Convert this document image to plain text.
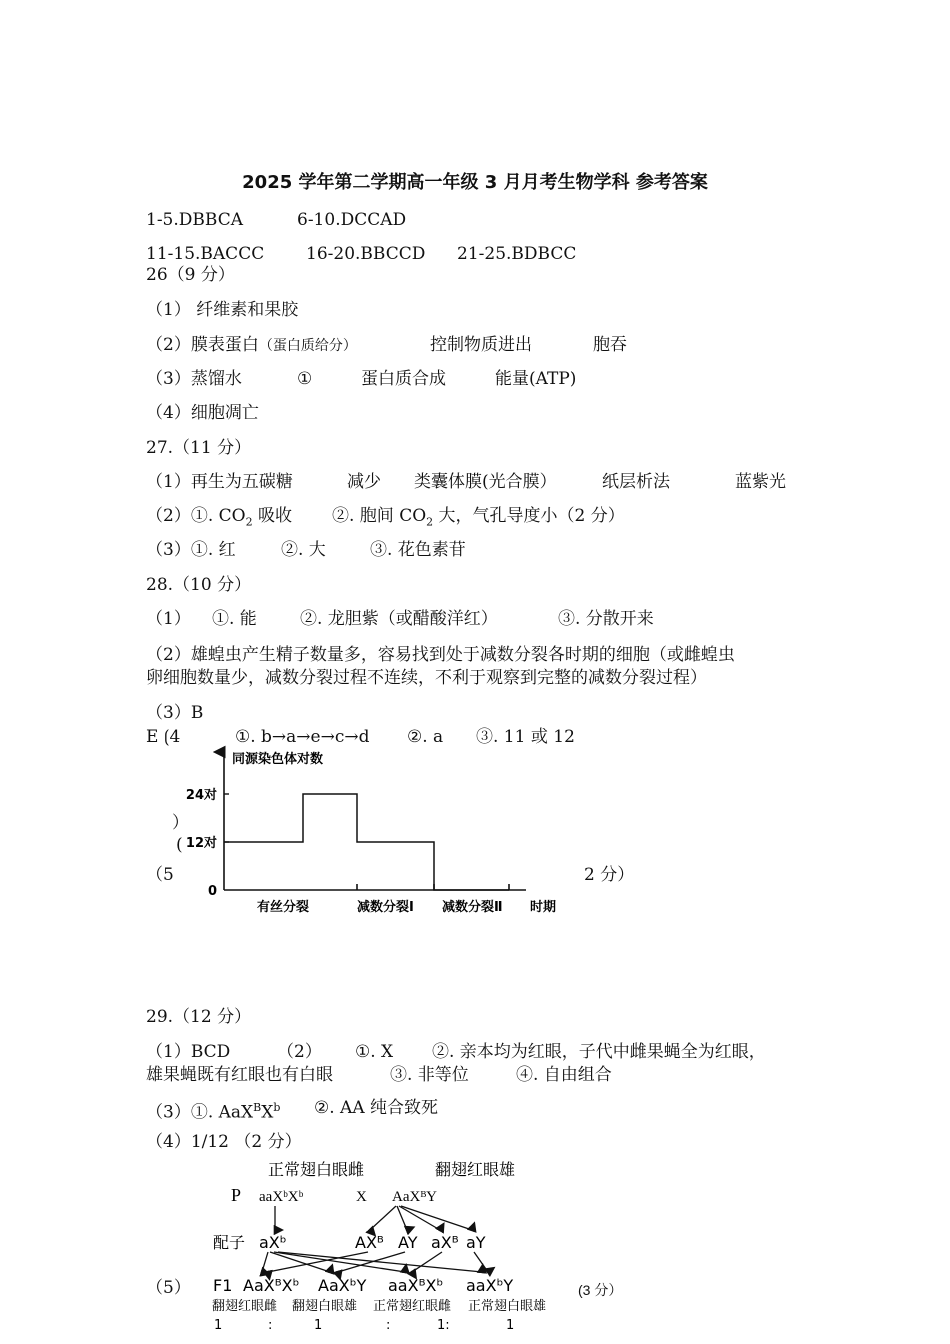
2025 学年第二学期高一年级 3 月月考生物学科 参考答案
1-5.DBBCA	6-10.DCCAD
11-15.BACCC 16-20.BBCCD 21-25.BDBCC
26（9 分）
（1） 纤维素和果胶
（2）膜表蛋白（蛋白质给分）	控制物质进出	胞吞
（3）蒸馏水	①	蛋白质合成	能量(ATP)
（4）细胞凋亡
27.（11 分）
（1）再生为五碳糖	减少 类囊体膜(光合膜）	纸层析法	蓝紫光
（2）①. $CO_2$ 吸收 ②. 胞间 $CO_2$ 大，气孔导度小（2 分）
（3）①. 红	②. 大	③. 花色素苷
28.（10 分）
（1） ①. 能	②. 龙胆紫（或醋酸洋红）	③. 分散开来
（2）雄蝗虫产生精子数量多，容易找到处于减数分裂各时期的细胞（或雌蝗虫
卵细胞数量少，减数分裂过程不连续，不利于观察到完整的减数分裂过程）
（3）B
E ⟮4	①. b→a→e→c→d ②. a ③. 11 或 12
）
(
（5	2 分）
同源染色体对数
时期
24对
12对
0
有丝分裂	减数分裂Ⅰ 减数分裂Ⅱ
29.（12 分）
（1）BCD	（2） ①. X ②. 亲本均为红眼，子代中雌果蝇全为红眼，
雄果蝇既有红眼也有白眼	③. 非等位	④. 自由组合
（3）①. $AaX^BX^b$ ②. AA 纯合致死
（4）1/12 （2 分）
（5）	(3 分）
正常翅白眼雌	翻翅红眼雄
P aaXᵇXᵇ	X AaXᴮY
配子 aXᵇ	AXᴮ AY aXᴮ aY
F1 AaXᴮXᵇ AaXᵇY aaXᴮXᵇ aaXᵇY
翻翅红眼雌 翻翅白眼雄 正常翅红眼雌 正常翅白眼雄
1	:	1	:	1:	1
